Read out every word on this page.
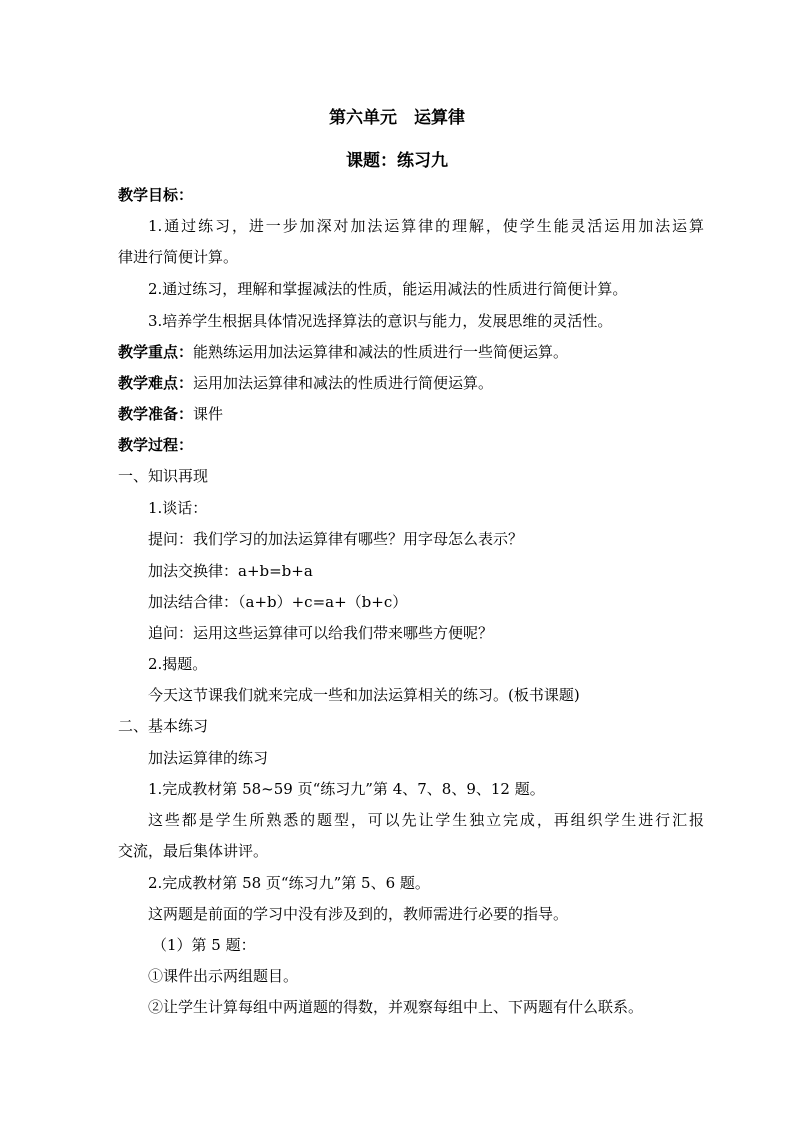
第六单元　运算律
课题：练习九
教学目标：
1.通过练习，进一步加深对加法运算律的理解，使学生能灵活运用加法运算
律进行简便计算。
2.通过练习，理解和掌握减法的性质，能运用减法的性质进行简便计算。
3.培养学生根据具体情况选择算法的意识与能力，发展思维的灵活性。
教学重点：能熟练运用加法运算律和减法的性质进行一些简便运算。
教学难点：运用加法运算律和减法的性质进行简便运算。
教学准备：课件
教学过程：
一、知识再现
1.谈话：
提问：我们学习的加法运算律有哪些？用字母怎么表示？
加法交换律：a+b=b+a
加法结合律：（a+b）+c=a+（b+c）
追问：运用这些运算律可以给我们带来哪些方便呢？
2.揭题。
今天这节课我们就来完成一些和加法运算相关的练习。(板书课题)
二、基本练习
加法运算律的练习
1.完成教材第 58~59 页“练习九”第 4、7、8、9、12 题。
这些都是学生所熟悉的题型，可以先让学生独立完成，再组织学生进行汇报
交流，最后集体讲评。
2.完成教材第 58 页“练习九”第 5、6 题。
这两题是前面的学习中没有涉及到的，教师需进行必要的指导。
（1）第 5 题：
①课件出示两组题目。
②让学生计算每组中两道题的得数，并观察每组中上、下两题有什么联系。
